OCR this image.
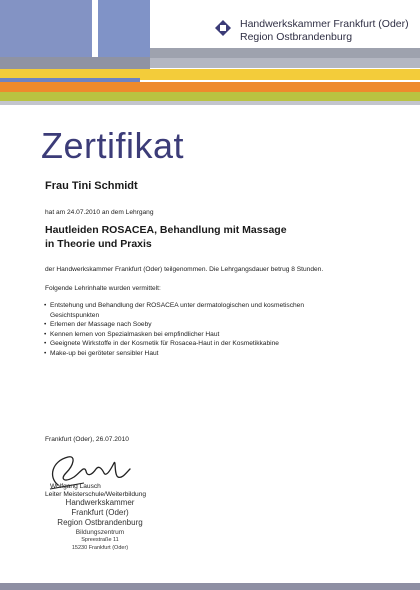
Handwerkskammer Frankfurt (Oder)
Region Ostbrandenburg
Zertifikat
Frau Tini Schmidt
hat am 24.07.2010 an dem Lehrgang
Hautleiden ROSACEA, Behandlung mit Massage
in Theorie und Praxis
der Handwerkskammer Frankfurt (Oder) teilgenommen. Die Lehrgangsdauer betrug 8 Stunden.
Folgende Lehrinhalte wurden vermittelt:
• Entstehung und Behandlung der ROSACEA unter dermatologischen und kosmetischen
Gesichtspunkten
• Erlernen der Massage nach Soeby
• Kennen lernen von Spezialmasken bei empfindlicher Haut
• Geeignete Wirkstoffe in der Kosmetik für Rosacea-Haut in der Kosmetikkabine
• Make-up bei geröteter sensibler Haut
Frankfurt (Oder), 26.07.2010
Wolfgang Lausch
Leiter Meisterschule/Weiterbildung
Handwerkskammer
Frankfurt (Oder)
Region Ostbrandenburg
Bildungszentrum
Spreestraße 11
15230 Frankfurt (Oder)
